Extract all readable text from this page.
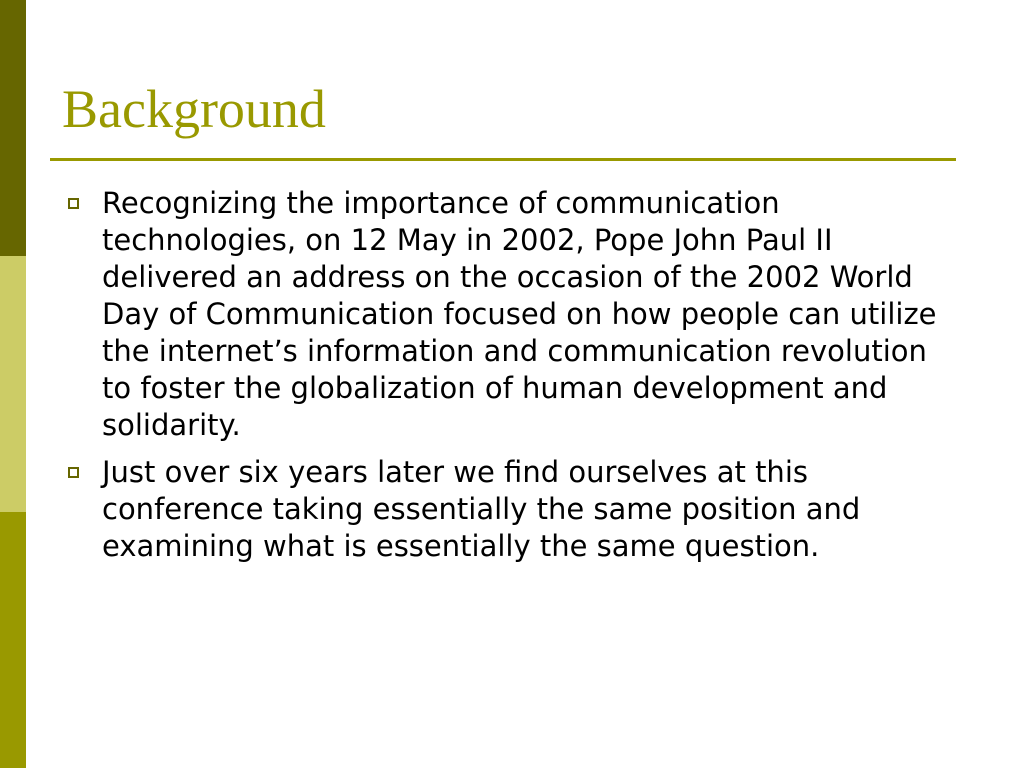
Background
Recognizing the importance of communication technologies, on 12 May in 2002, Pope John Paul II delivered an address on the occasion of the 2002 World Day of Communication focused on how people can utilize the internet’s information and communication revolution to foster the globalization of human development and solidarity.
Just over six years later we find ourselves at this conference taking essentially the same position and examining what is essentially the same question.
